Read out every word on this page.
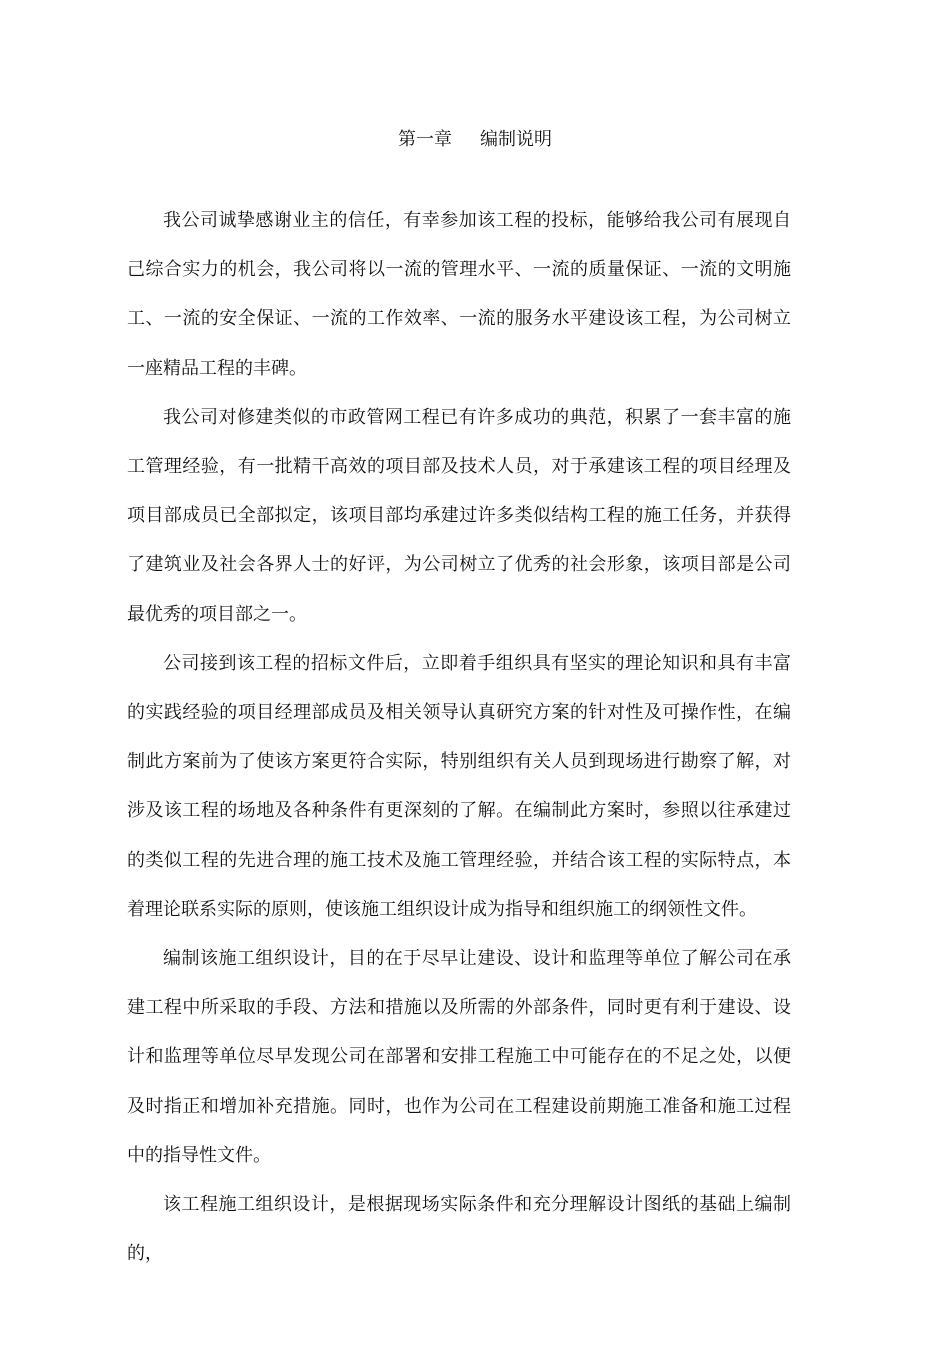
第一章 编制说明

我公司诚挚感谢业主的信任，有幸参加该工程的投标，能够给我公司有展现自己综合实力的机会，我公司将以一流的管理水平、一流的质量保证、一流的文明施工、一流的安全保证、一流的工作效率、一流的服务水平建设该工程，为公司树立一座精品工程的丰碑。

我公司对修建类似的市政管网工程已有许多成功的典范，积累了一套丰富的施工管理经验，有一批精干高效的项目部及技术人员，对于承建该工程的项目经理及项目部成员已全部拟定，该项目部均承建过许多类似结构工程的施工任务，并获得了建筑业及社会各界人士的好评，为公司树立了优秀的社会形象，该项目部是公司最优秀的项目部之一。

公司接到该工程的招标文件后，立即着手组织具有坚实的理论知识和具有丰富的实践经验的项目经理部成员及相关领导认真研究方案的针对性及可操作性，在编制此方案前为了使该方案更符合实际，特别组织有关人员到现场进行勘察了解，对涉及该工程的场地及各种条件有更深刻的了解。在编制此方案时，参照以往承建过的类似工程的先进合理的施工技术及施工管理经验，并结合该工程的实际特点，本着理论联系实际的原则，使该施工组织设计成为指导和组织施工的纲领性文件。

编制该施工组织设计，目的在于尽早让建设、设计和监理等单位了解公司在承建工程中所采取的手段、方法和措施以及所需的外部条件，同时更有利于建设、设计和监理等单位尽早发现公司在部署和安排工程施工中可能存在的不足之处，以便及时指正和增加补充措施。同时，也作为公司在工程建设前期施工准备和施工过程中的指导性文件。

该工程施工组织设计，是根据现场实际条件和充分理解设计图纸的基础上编制的，
